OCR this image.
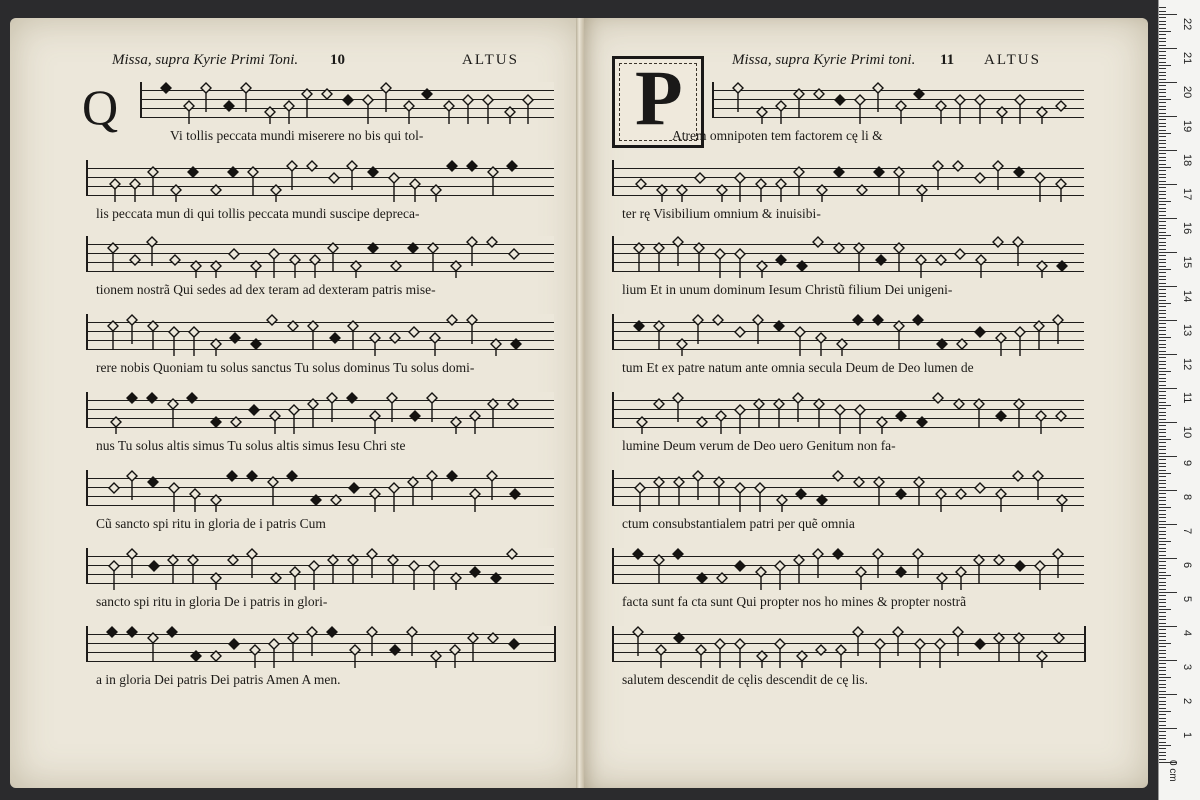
Missa, supra Kyrie Primi Toni. 10	ALTUS	Missa, supra Kyrie Primi toni. 11 ALTUS
Q	P
Vi tollis peccata mundi miserere no bis qui tol-
lis peccata mun di qui tollis peccata mundi suscipe depreca-
tionem nostrã Qui sedes ad dex teram ad dexteram patris mise-
rere nobis Quoniam tu solus sanctus Tu solus dominus Tu solus domi-
nus Tu solus altis simus Tu solus altis simus Iesu Chri ste
Cũ sancto spi ritu in gloria de i patris Cum
sancto spi ritu in gloria De i patris in glori-
a in gloria Dei patris Dei patris Amen A men.
Atrem omnipoten tem factorem cę li &
ter rę Visibilium omnium & inuisibi-
lium Et in unum dominum Iesum Christũ filium Dei unigeni-
tum Et ex patre natum ante omnia secula Deum de Deo lumen de
lumine Deum verum de Deo uero Genitum non fa-
ctum consubstantialem patri per quẽ omnia
facta sunt fa cta sunt Qui propter nos ho mines & propter nostrã
salutem descendit de cęlis descendit de cę lis.
22
21
20
19
18
17
16
15
14
13
12
11
10
9
8
7
6
5
4
3
2
1
0 cm
